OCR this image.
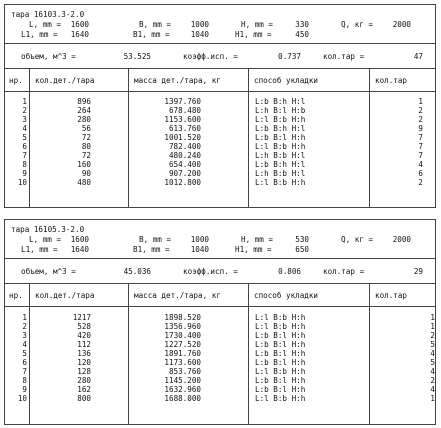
тара 16103.3-2.0
L, mm =	1600	B, mm =	1000	H, mm =	330	Q, кг =	2000
L1, mm =	1640	B1, mm =	1040	H1, mm =	450
объем, м^3 =	53.525	коэфф.исп. =	0.737	кол.тар =	47
нр. кол.дет./тара	масса дет./тара, кг	способ укладки	кол.тар
1	896	1397.760	L:b B:h H:l	1
2	264	678.480	L:h B:l H:b	2
3	280	1153.600	L:l B:b H:h	2
4	56	613.760	L:b B:h H:l	9
5	72	1001.520	L:b B:l H:h	7
6	80	782.400	L:l B:b H:h	7
7	72	480.240	L:h B:b H:l	7
8	160	654.400	L:b B:h H:l	4
9	90	907.200	L:h B:b H:l	6
10	480	1012.800	L:l B:b H:h	2
тара 16105.3-2.0
L, mm =	1600	B, mm =	1000	H, mm =	530	Q, кг =	2000
L1, mm =	1640	B1, mm =	1040	H1, mm =	650
объем, м^3 =	45.036	коэфф.исп. =	0.806	кол.тар =	29
нр. кол.дет./тара	масса дет./тара, кг	способ укладки	кол.тар
1	1217	1898.520	L:l B:b H:h	1
2	528	1356.960	L:l B:b H:h	1
3	420	1730.400	L:b B:l H:h	2
4	112	1227.520	L:b B:l H:h	5
5	136	1891.760	L:b B:l H:h	4
6	120	1173.600	L:b B:l H:h	5
7	128	853.760	L:l B:b H:h	4
8	280	1145.200	L:b B:l H:h	2
9	162	1632.960	L:b B:l H:h	4
10	800	1688.000	L:l B:b H:h	1
